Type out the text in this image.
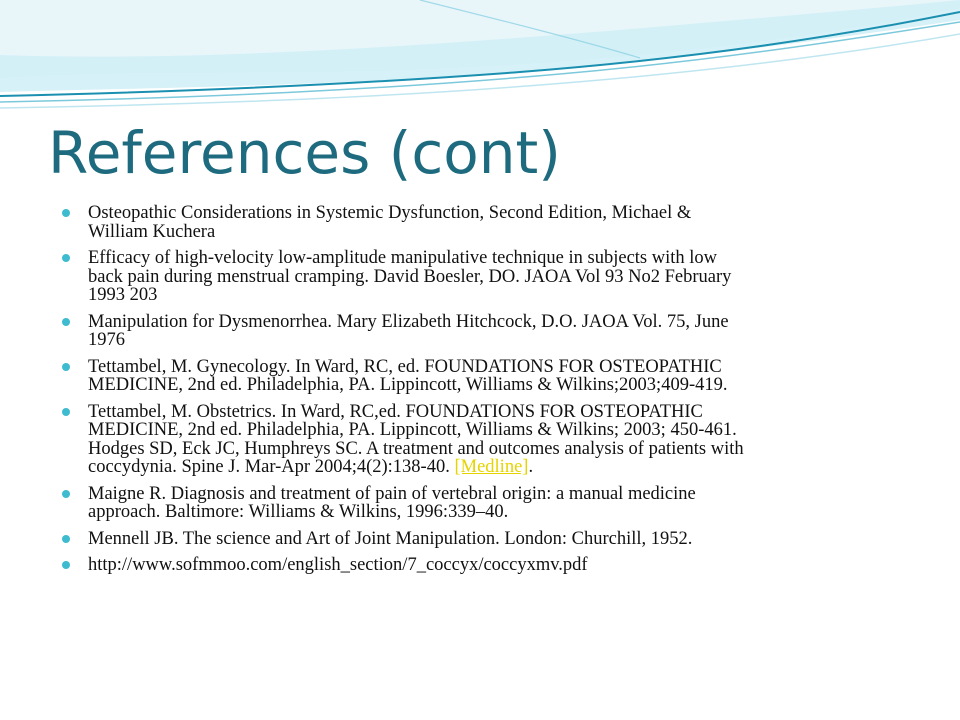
References (cont)
Osteopathic Considerations in Systemic Dysfunction, Second Edition, Michael &
William Kuchera
Efficacy of high-velocity low-amplitude manipulative technique in subjects with low
back pain during menstrual cramping. David Boesler, DO. JAOA Vol 93 No2 February
1993 203
Manipulation for Dysmenorrhea. Mary Elizabeth Hitchcock, D.O. JAOA Vol. 75, June
1976
Tettambel, M. Gynecology. In Ward, RC, ed. FOUNDATIONS FOR OSTEOPATHIC
MEDICINE, 2nd ed. Philadelphia, PA. Lippincott, Williams & Wilkins;2003;409-419.
Tettambel, M. Obstetrics. In Ward, RC,ed. FOUNDATIONS FOR OSTEOPATHIC
MEDICINE, 2nd ed. Philadelphia, PA. Lippincott, Williams & Wilkins; 2003; 450-461.
Hodges SD, Eck JC, Humphreys SC. A treatment and outcomes analysis of patients with
coccydynia. Spine J. Mar-Apr 2004;4(2):138-40. [Medline].
Maigne R. Diagnosis and treatment of pain of vertebral origin: a manual medicine
approach. Baltimore: Williams & Wilkins, 1996:339–40.
Mennell JB. The science and Art of Joint Manipulation. London: Churchill, 1952.
http://www.sofmmoo.com/english_section/7_coccyx/coccyxmv.pdf
